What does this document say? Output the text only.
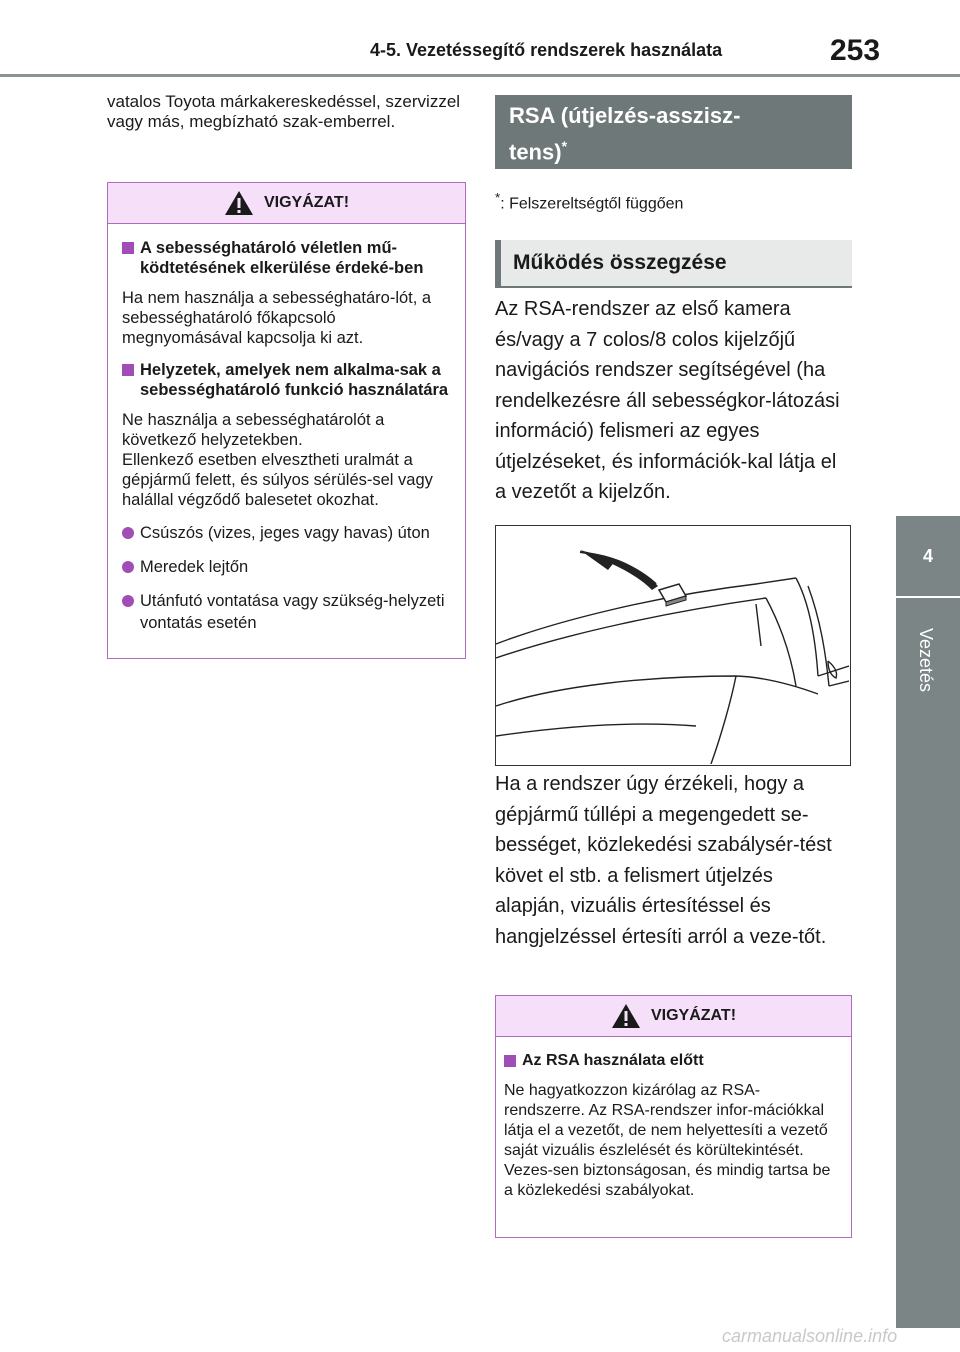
4-5. Vezetéssegítő rendszerek használata	253
4
Vezetés
vatalos Toyota márkakereskedéssel, szervizzel vagy más, megbízható szak-emberrel.
VIGYÁZAT!
A sebességhatároló véletlen mű-ködtetésének elkerülése érdeké-ben
Ha nem használja a sebességhatáro-lót, a sebességhatároló főkapcsoló megnyomásával kapcsolja ki azt.
Helyzetek, amelyek nem alkalma-sak a sebességhatároló funkció használatára
Ne használja a sebességhatárolót a következő helyzetekben.
Ellenkező esetben elvesztheti uralmát a gépjármű felett, és súlyos sérülés-sel vagy halállal végződő balesetet okozhat.
Csúszós (vizes, jeges vagy havas) úton
Meredek lejtőn
Utánfutó vontatása vagy szükség-helyzeti vontatás esetén
RSA (útjelzés-asszisz-
tens)*
*: Felszereltségtől függően
Működés összegzése
Az RSA-rendszer az első kamera és/vagy a 7 colos/8 colos kijelzőjű navigációs rendszer segítségével (ha rendelkezésre áll sebességkor-látozási információ) felismeri az egyes útjelzéseket, és információk-kal látja el a vezetőt a kijelzőn.
Ha a rendszer úgy érzékeli, hogy a gépjármű túllépi a megengedett se-bességet, közlekedési szabálysér-tést követ el stb. a felismert útjelzés alapján, vizuális értesítéssel és hangjelzéssel értesíti arról a veze-tőt.
VIGYÁZAT!
Az RSA használata előtt
Ne hagyatkozzon kizárólag az RSA-rendszerre. Az RSA-rendszer infor-mációkkal látja el a vezetőt, de nem helyettesíti a vezető saját vizuális észlelését és körültekintését. Vezes-sen biztonságosan, és mindig tartsa be a közlekedési szabályokat.
carmanualsonline.info
